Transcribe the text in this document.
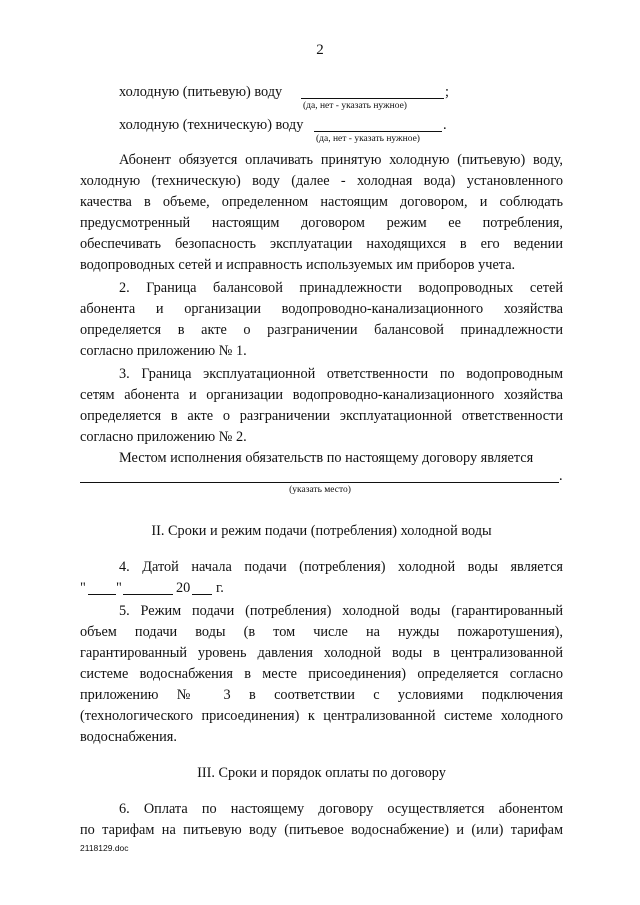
2
холодную (питьевую) воду	;
(да, нет - указать нужное)
холодную (техническую) воду	.
(да, нет - указать нужное)
Абонент обязуется оплачивать принятую холодную (питьевую) воду,
холодную (техническую) воду (далее - холодная вода) установленного
качества в объеме, определенном настоящим договором, и соблюдать
предусмотренный настоящим договором режим ее потребления,
обеспечивать безопасность эксплуатации находящихся в его ведении
водопроводных сетей и исправность используемых им приборов учета.
2. Граница балансовой принадлежности водопроводных сетей
абонента и организации водопроводно-канализационного хозяйства
определяется в акте о разграничении балансовой принадлежности
согласно приложению № 1.
3. Граница эксплуатационной ответственности по водопроводным
сетям абонента и организации водопроводно-канализационного хозяйства
определяется в акте о разграничении эксплуатационной ответственности
согласно приложению № 2.
Местом исполнения обязательств по настоящему договору является
.
(указать место)
II. Сроки и режим подачи (потребления) холодной воды
4. Датой начала подачи (потребления) холодной воды является
" "	20 г.
5. Режим подачи (потребления) холодной воды (гарантированный
объем подачи воды (в том числе на нужды пожаротушения),
гарантированный уровень давления холодной воды в централизованной
системе водоснабжения в месте присоединения) определяется согласно
приложению № 3 в соответствии с условиями подключения
(технологического присоединения) к централизованной системе холодного
водоснабжения.
III. Сроки и порядок оплаты по договору
6. Оплата по настоящему договору осуществляется абонентом
по тарифам на питьевую воду (питьевое водоснабжение) и (или) тарифам
2118129.doc
